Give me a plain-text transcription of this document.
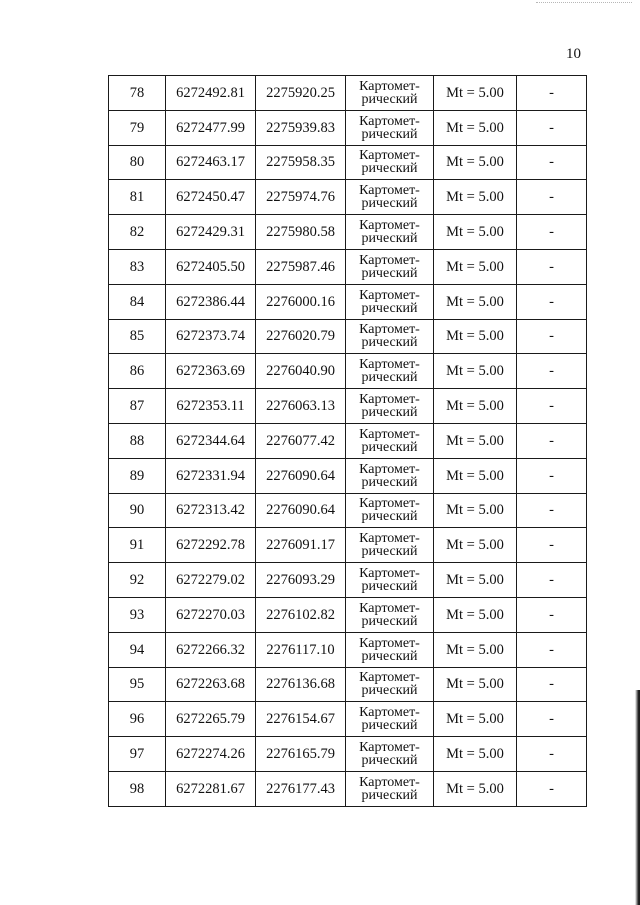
10
78	6272492.81	2275920.25	Картомет-
рический	Mt = 5.00	-
79	6272477.99	2275939.83	Картомет-
рический	Mt = 5.00	-
80	6272463.17	2275958.35	Картомет-
рический	Mt = 5.00	-
81	6272450.47	2275974.76	Картомет-
рический	Mt = 5.00	-
82	6272429.31	2275980.58	Картомет-
рический	Mt = 5.00	-
83	6272405.50	2275987.46	Картомет-
рический	Mt = 5.00	-
84	6272386.44	2276000.16	Картомет-
рический	Mt = 5.00	-
85	6272373.74	2276020.79	Картомет-
рический	Mt = 5.00	-
86	6272363.69	2276040.90	Картомет-
рический	Mt = 5.00	-
87	6272353.11	2276063.13	Картомет-
рический	Mt = 5.00	-
88	6272344.64	2276077.42	Картомет-
рический	Mt = 5.00	-
89	6272331.94	2276090.64	Картомет-
рический	Mt = 5.00	-
90	6272313.42	2276090.64	Картомет-
рический	Mt = 5.00	-
91	6272292.78	2276091.17	Картомет-
рический	Mt = 5.00	-
92	6272279.02	2276093.29	Картомет-
рический	Mt = 5.00	-
93	6272270.03	2276102.82	Картомет-
рический	Mt = 5.00	-
94	6272266.32	2276117.10	Картомет-
рический	Mt = 5.00	-
95	6272263.68	2276136.68	Картомет-
рический	Mt = 5.00	-
96	6272265.79	2276154.67	Картомет-
рический	Mt = 5.00	-
97	6272274.26	2276165.79	Картомет-
рический	Mt = 5.00	-
98	6272281.67	2276177.43	Картомет-
рический	Mt = 5.00	-
